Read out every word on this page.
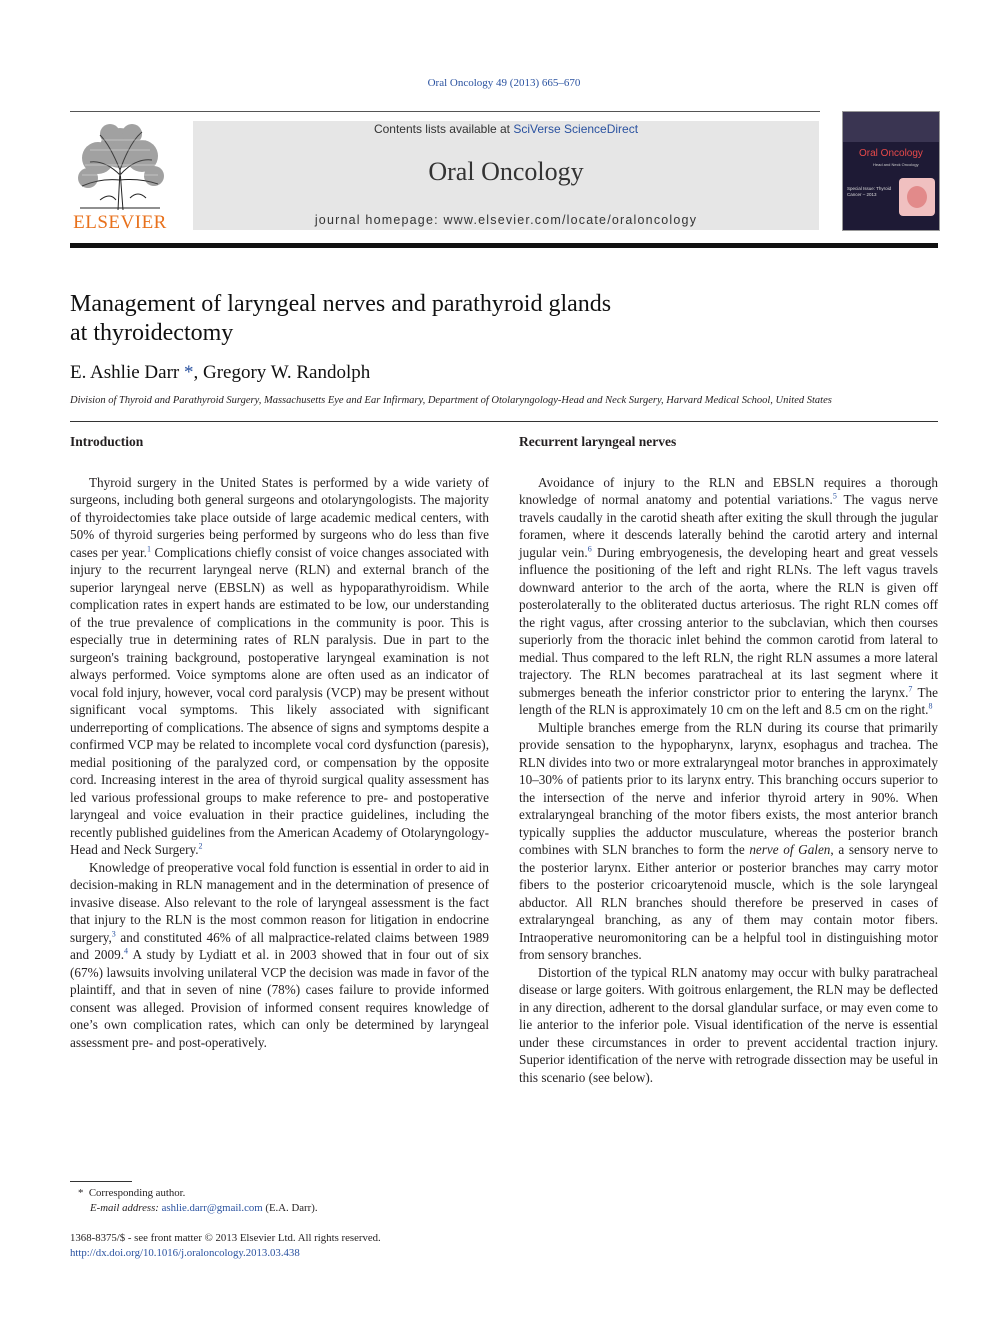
Oral Oncology 49 (2013) 665–670
ELSEVIER
Contents lists available at SciVerse ScienceDirect
Oral Oncology
journal homepage: www.elsevier.com/locate/oraloncology
Oral Oncology
Head and Neck Oncology
Special Issue: Thyroid Cancer – 2013
Management of laryngeal nerves and parathyroid glands
at thyroidectomy
E. Ashlie Darr *, Gregory W. Randolph
Division of Thyroid and Parathyroid Surgery, Massachusetts Eye and Ear Infirmary, Department of Otolaryngology-Head and Neck Surgery, Harvard Medical School, United States
Introduction

Thyroid surgery in the United States is performed by a wide variety of surgeons, including both general surgeons and otolaryngologists. The majority of thyroidectomies take place outside of large academic medical centers, with 50% of thyroid surgeries being performed by surgeons who do less than five cases per year.$^1$ Complications chiefly consist of voice changes associated with injury to the recurrent laryngeal nerve (RLN) and external branch of the superior laryngeal nerve (EBSLN) as well as hypoparathyroidism. While complication rates in expert hands are estimated to be low, our understanding of the true prevalence of complications in the community is poor. This is especially true in determining rates of RLN paralysis. Due in part to the surgeon's training background, postoperative laryngeal examination is not always performed. Voice symptoms alone are often used as an indicator of vocal fold injury, however, vocal cord paralysis (VCP) may be present without significant vocal symptoms. This likely associated with significant underreporting of complications. The absence of signs and symptoms despite a confirmed VCP may be related to incomplete vocal cord dysfunction (paresis), medial positioning of the paralyzed cord, or compensation by the opposite cord. Increasing interest in the area of thyroid surgical quality assessment has led various professional groups to make reference to pre- and postoperative laryngeal and voice evaluation in their practice guidelines, including the recently published guidelines from the American Academy of Otolaryngology-Head and Neck Surgery.$^2$

Knowledge of preoperative vocal fold function is essential in order to aid in decision-making in RLN management and in the determination of presence of invasive disease. Also relevant to the role of laryngeal assessment is the fact that injury to the RLN is the most common reason for litigation in endocrine surgery,$^3$ and constituted 46% of all malpractice-related claims between 1989 and 2009.$^4$ A study by Lydiatt et al. in 2003 showed that in four out of six (67%) lawsuits involving unilateral VCP the decision was made in favor of the plaintiff, and that in seven of nine (78%) cases failure to provide informed consent was alleged. Provision of informed consent requires knowledge of one’s own complication rates, which can only be determined by laryngeal assessment pre- and post-operatively.

Recurrent laryngeal nerves

Avoidance of injury to the RLN and EBSLN requires a thorough knowledge of normal anatomy and potential variations.$^5$ The vagus nerve travels caudally in the carotid sheath after exiting the skull through the jugular foramen, where it descends laterally behind the carotid artery and internal jugular vein.$^6$ During embryogenesis, the developing heart and great vessels influence the positioning of the left and right RLNs. The left vagus travels downward anterior to the arch of the aorta, where the RLN is given off posterolaterally to the obliterated ductus arteriosus. The right RLN comes off the right vagus, after crossing anterior to the subclavian, which then courses superiorly from the thoracic inlet behind the common carotid from lateral to medial. Thus compared to the left RLN, the right RLN assumes a more lateral trajectory. The RLN becomes paratracheal at its last segment where it submerges beneath the inferior constrictor prior to entering the larynx.$^7$ The length of the RLN is approximately 10 cm on the left and 8.5 cm on the right.$^8$

Multiple branches emerge from the RLN during its course that primarily provide sensation to the hypopharynx, larynx, esophagus and trachea. The RLN divides into two or more extralaryngeal motor branches in approximately 10–30% of patients prior to its larynx entry. This branching occurs superior to the intersection of the nerve and inferior thyroid artery in 90%. When extralaryngeal branching of the motor fibers exists, the most anterior branch typically supplies the adductor musculature, whereas the posterior branch combines with SLN branches to form the nerve of Galen, a sensory nerve to the posterior larynx. Either anterior or posterior branches may carry motor fibers to the posterior cricoarytenoid muscle, which is the sole laryngeal abductor. All RLN branches should therefore be preserved in cases of extralaryngeal branching, as any of them may contain motor fibers. Intraoperative neuromonitoring can be a helpful tool in distinguishing motor from sensory branches.

Distortion of the typical RLN anatomy may occur with bulky paratracheal disease or large goiters. With goitrous enlargement, the RLN may be deflected in any direction, adherent to the dorsal glandular surface, or may even come to lie anterior to the inferior pole. Visual identification of the nerve is essential under these circumstances in order to prevent accidental traction injury. Superior identification of the nerve with retrograde dissection may be useful in this scenario (see below).

* Corresponding author.
E-mail address: ashlie.darr@gmail.com (E.A. Darr).
1368-8375/$ - see front matter © 2013 Elsevier Ltd. All rights reserved.
http://dx.doi.org/10.1016/j.oraloncology.2013.03.438
